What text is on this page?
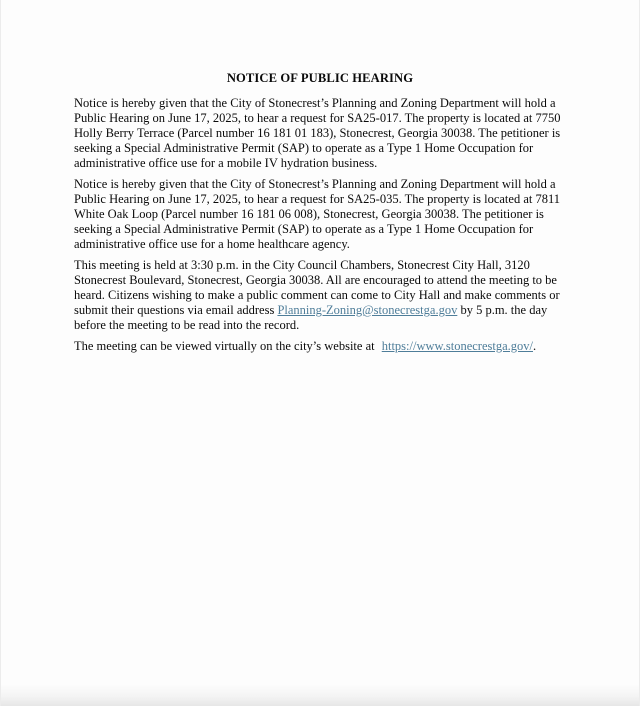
NOTICE OF PUBLIC HEARING

Notice is hereby given that the City of Stonecrest’s Planning and Zoning Department will hold a Public Hearing on June 17, 2025, to hear a request for SA25-017. The property is located at 7750 Holly Berry Terrace (Parcel number 16 181 01 183), Stonecrest, Georgia 30038. The petitioner is seeking a Special Administrative Permit (SAP) to operate as a Type 1 Home Occupation for administrative office use for a mobile IV hydration business.

Notice is hereby given that the City of Stonecrest’s Planning and Zoning Department will hold a Public Hearing on June 17, 2025, to hear a request for SA25-035. The property is located at 7811 White Oak Loop (Parcel number 16 181 06 008), Stonecrest, Georgia 30038. The petitioner is seeking a Special Administrative Permit (SAP) to operate as a Type 1 Home Occupation for administrative office use for a home healthcare agency.

This meeting is held at 3:30 p.m. in the City Council Chambers, Stonecrest City Hall, 3120 Stonecrest Boulevard, Stonecrest, Georgia 30038. All are encouraged to attend the meeting to be heard. Citizens wishing to make a public comment can come to City Hall and make comments or submit their questions via email address Planning-Zoning@stonecrestga.gov by 5 p.m. the day before the meeting to be read into the record.

The meeting can be viewed virtually on the city’s website at https://www.stonecrestga.gov/.
